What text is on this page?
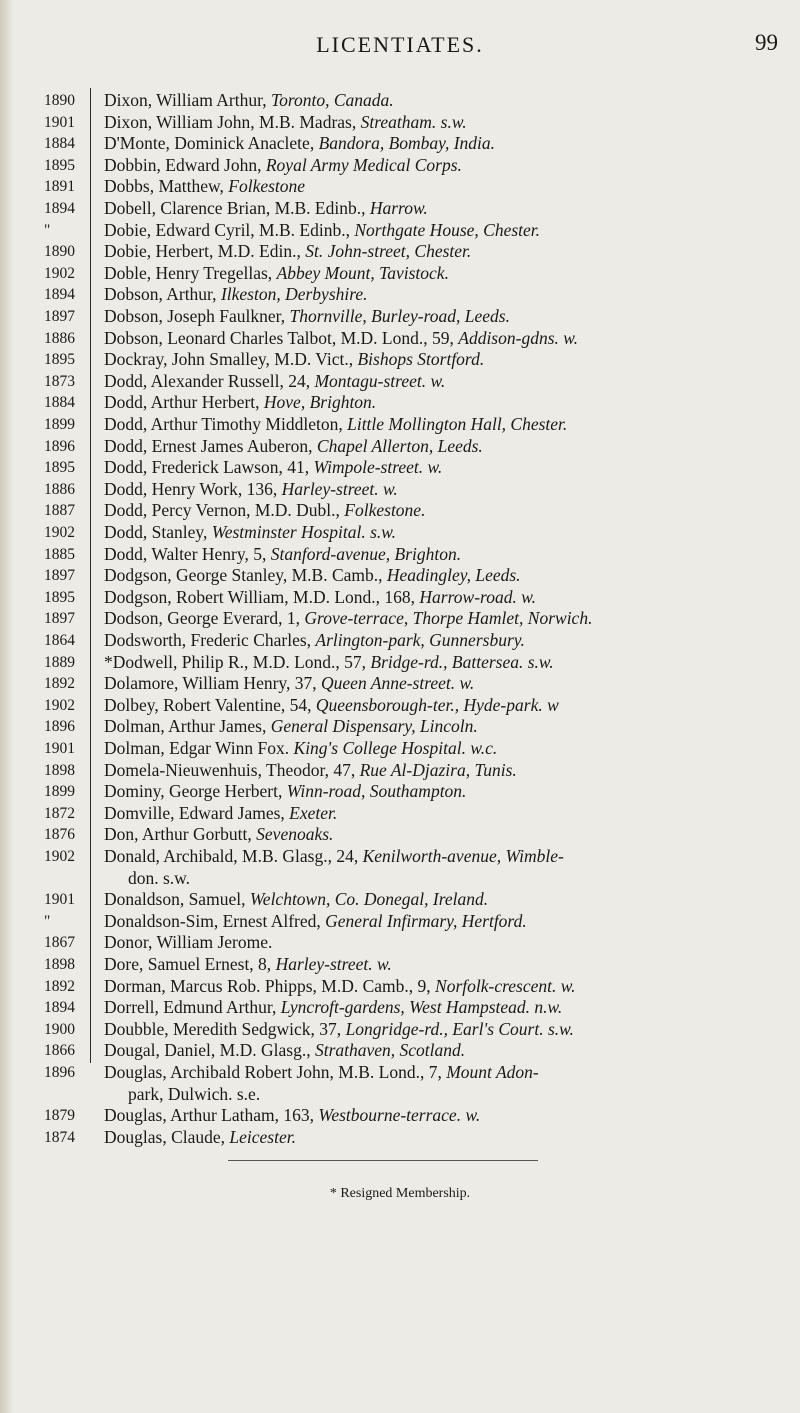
LICENTIATES.	99
1890	Dixon, William Arthur, Toronto, Canada.
1901	Dixon, William John, M.B. Madras, Streatham. s.w.
1884	D'Monte, Dominick Anaclete, Bandora, Bombay, India.
1895	Dobbin, Edward John, Royal Army Medical Corps.
1891	Dobbs, Matthew, Folkestone
1894	Dobell, Clarence Brian, M.B. Edinb., Harrow.
"	Dobie, Edward Cyril, M.B. Edinb., Northgate House, Chester.
1890	Dobie, Herbert, M.D. Edin., St. John-street, Chester.
1902	Doble, Henry Tregellas, Abbey Mount, Tavistock.
1894	Dobson, Arthur, Ilkeston, Derbyshire.
1897	Dobson, Joseph Faulkner, Thornville, Burley-road, Leeds.
1886	Dobson, Leonard Charles Talbot, M.D. Lond., 59, Addison-gdns. w.
1895	Dockray, John Smalley, M.D. Vict., Bishops Stortford.
1873	Dodd, Alexander Russell, 24, Montagu-street. w.
1884	Dodd, Arthur Herbert, Hove, Brighton.
1899	Dodd, Arthur Timothy Middleton, Little Mollington Hall, Chester.
1896	Dodd, Ernest James Auberon, Chapel Allerton, Leeds.
1895	Dodd, Frederick Lawson, 41, Wimpole-street. w.
1886	Dodd, Henry Work, 136, Harley-street. w.
1887	Dodd, Percy Vernon, M.D. Dubl., Folkestone.
1902	Dodd, Stanley, Westminster Hospital. s.w.
1885	Dodd, Walter Henry, 5, Stanford-avenue, Brighton.
1897	Dodgson, George Stanley, M.B. Camb., Headingley, Leeds.
1895	Dodgson, Robert William, M.D. Lond., 168, Harrow-road. w.
1897	Dodson, George Everard, 1, Grove-terrace, Thorpe Hamlet, Norwich.
1864	Dodsworth, Frederic Charles, Arlington-park, Gunnersbury.
1889	*Dodwell, Philip R., M.D. Lond., 57, Bridge-rd., Battersea. s.w.
1892	Dolamore, William Henry, 37, Queen Anne-street. w.
1902	Dolbey, Robert Valentine, 54, Queensborough-ter., Hyde-park. w
1896	Dolman, Arthur James, General Dispensary, Lincoln.
1901	Dolman, Edgar Winn Fox. King's College Hospital. w.c.
1898	Domela-Nieuwenhuis, Theodor, 47, Rue Al-Djazira, Tunis.
1899	Dominy, George Herbert, Winn-road, Southampton.
1872	Domville, Edward James, Exeter.
1876	Don, Arthur Gorbutt, Sevenoaks.
1902	Donald, Archibald, M.B. Glasg., 24, Kenilworth-avenue, Wimble-
don. s.w.
1901	Donaldson, Samuel, Welchtown, Co. Donegal, Ireland.
"	Donaldson-Sim, Ernest Alfred, General Infirmary, Hertford.
1867	Donor, William Jerome.
1898	Dore, Samuel Ernest, 8, Harley-street. w.
1892	Dorman, Marcus Rob. Phipps, M.D. Camb., 9, Norfolk-crescent. w.
1894	Dorrell, Edmund Arthur, Lyncroft-gardens, West Hampstead. n.w.
1900	Doubble, Meredith Sedgwick, 37, Longridge-rd., Earl's Court. s.w.
1866	Dougal, Daniel, M.D. Glasg., Strathaven, Scotland.
1896	Douglas, Archibald Robert John, M.B. Lond., 7, Mount Adon-
park, Dulwich. s.e.
1879	Douglas, Arthur Latham, 163, Westbourne-terrace. w.
1874	Douglas, Claude, Leicester.
* Resigned Membership.
